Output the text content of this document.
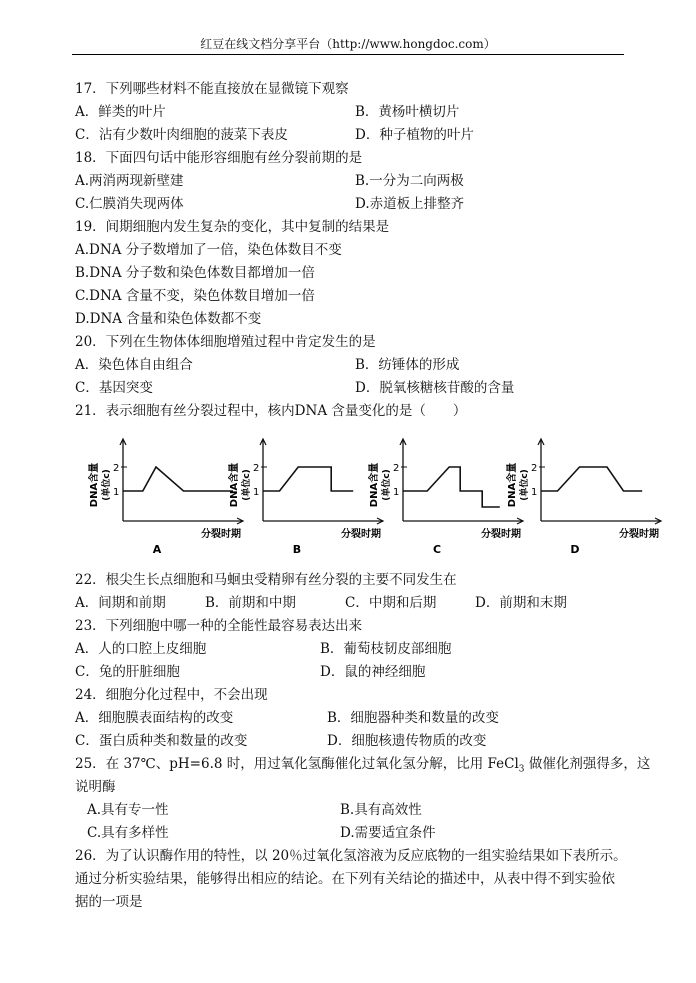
红豆在线文档分享平台（http://www.hongdoc.com）
17．下列哪些材料不能直接放在显微镜下观察
A．鲜类的叶片	B．黄杨叶横切片
C．沾有少数叶肉细胞的菠菜下表皮	D．种子植物的叶片
18．下面四句话中能形容细胞有丝分裂前期的是
A.两消两现新壁建	B.一分为二向两极
C.仁膜消失现两体	D.赤道板上排整齐
19．间期细胞内发生复杂的变化，其中复制的结果是
A.DNA 分子数增加了一倍，染色体数目不变
B.DNA 分子数和染色体数目都增加一倍
C.DNA 含量不变，染色体数目增加一倍
D.DNA 含量和染色体数都不变
20．下列在生物体体细胞增殖过程中肯定发生的是
A．染色体自由组合	B．纺锤体的形成
C．基因突变	D．脱氧核糖核苷酸的含量
21．表示细胞有丝分裂过程中，核内DNA 含量变化的是（　　）
DNA含量 (单位c)
2
1
分裂时期
A
DNA含量 (单位c)
2
1
分裂时期
B
DNA含量 (单位c)
2
1
分裂时期
C
DNA含量 (单位c)
2
1
分裂时期
D
22．根尖生长点细胞和马蛔虫受精卵有丝分裂的主要不同发生在
A．间期和前期	B．前期和中期	C．中期和后期	D．前期和末期
23．下列细胞中哪一种的全能性最容易表达出来
A．人的口腔上皮细胞	B．葡萄枝韧皮部细胞
C．兔的肝脏细胞	D．鼠的神经细胞
24．细胞分化过程中，不会出现
A．细胞膜表面结构的改变	B．细胞器种类和数量的改变
C．蛋白质种类和数量的改变	D．细胞核遗传物质的改变
25．在 37℃、pH=6.8 时，用过氧化氢酶催化过氧化氢分解，比用 FeCl$_3$ 做催化剂强得多，这
说明酶
A.具有专一性	B.具有高效性
C.具有多样性	D.需要适宜条件
26．为了认识酶作用的特性，以 20％过氧化氢溶液为反应底物的一组实验结果如下表所示。
通过分析实验结果，能够得出相应的结论。在下列有关结论的描述中，从表中得不到实验依
据的一项是
